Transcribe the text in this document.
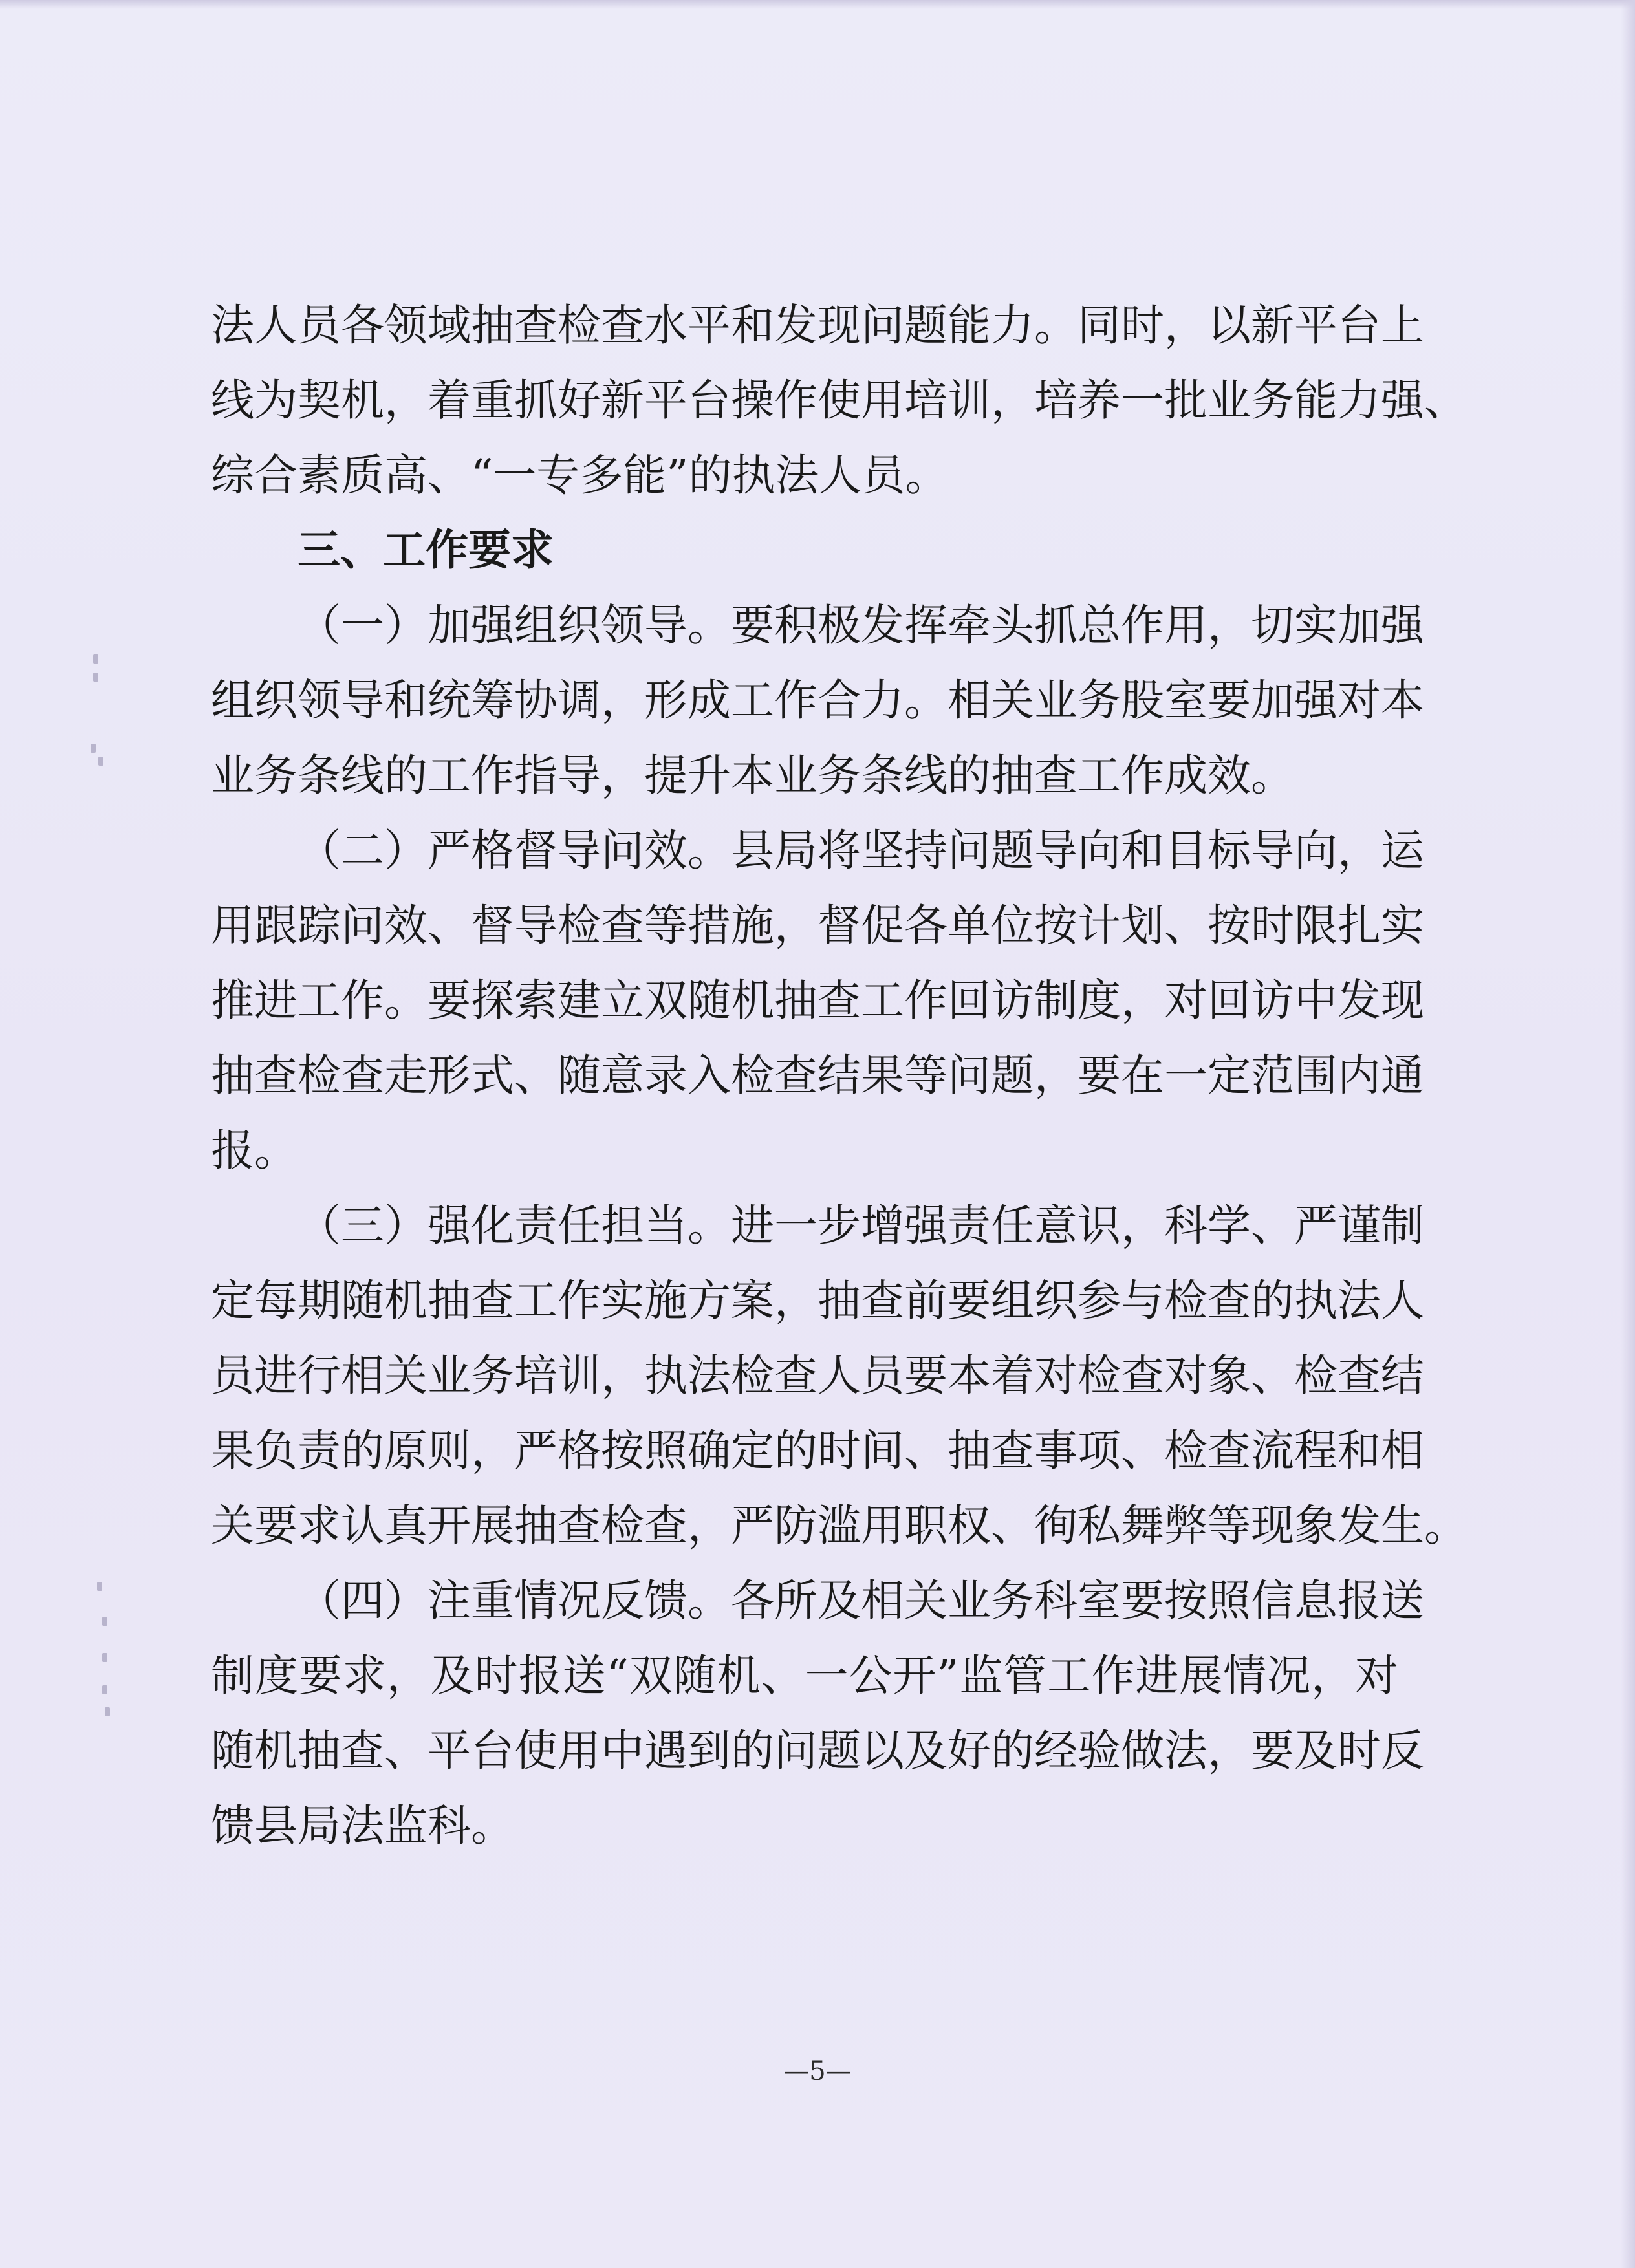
法人员各领域抽查检查水平和发现问题能力。同时，以新平台上
线为契机，着重抓好新平台操作使用培训，培养一批业务能力强、
综合素质高、“一专多能”的执法人员。
三、工作要求
（一）加强组织领导。要积极发挥牵头抓总作用，切实加强
组织领导和统筹协调，形成工作合力。相关业务股室要加强对本
业务条线的工作指导，提升本业务条线的抽查工作成效。
（二）严格督导问效。县局将坚持问题导向和目标导向，运
用跟踪问效、督导检查等措施，督促各单位按计划、按时限扎实
推进工作。要探索建立双随机抽查工作回访制度，对回访中发现
抽查检查走形式、随意录入检查结果等问题，要在一定范围内通
报。
（三）强化责任担当。进一步增强责任意识，科学、严谨制
定每期随机抽查工作实施方案，抽查前要组织参与检查的执法人
员进行相关业务培训，执法检查人员要本着对检查对象、检查结
果负责的原则，严格按照确定的时间、抽查事项、检查流程和相
关要求认真开展抽查检查，严防滥用职权、徇私舞弊等现象发生。
（四）注重情况反馈。各所及相关业务科室要按照信息报送
制度要求，及时报送“双随机、一公开”监管工作进展情况，对
随机抽查、平台使用中遇到的问题以及好的经验做法，要及时反
馈县局法监科。
—5—
